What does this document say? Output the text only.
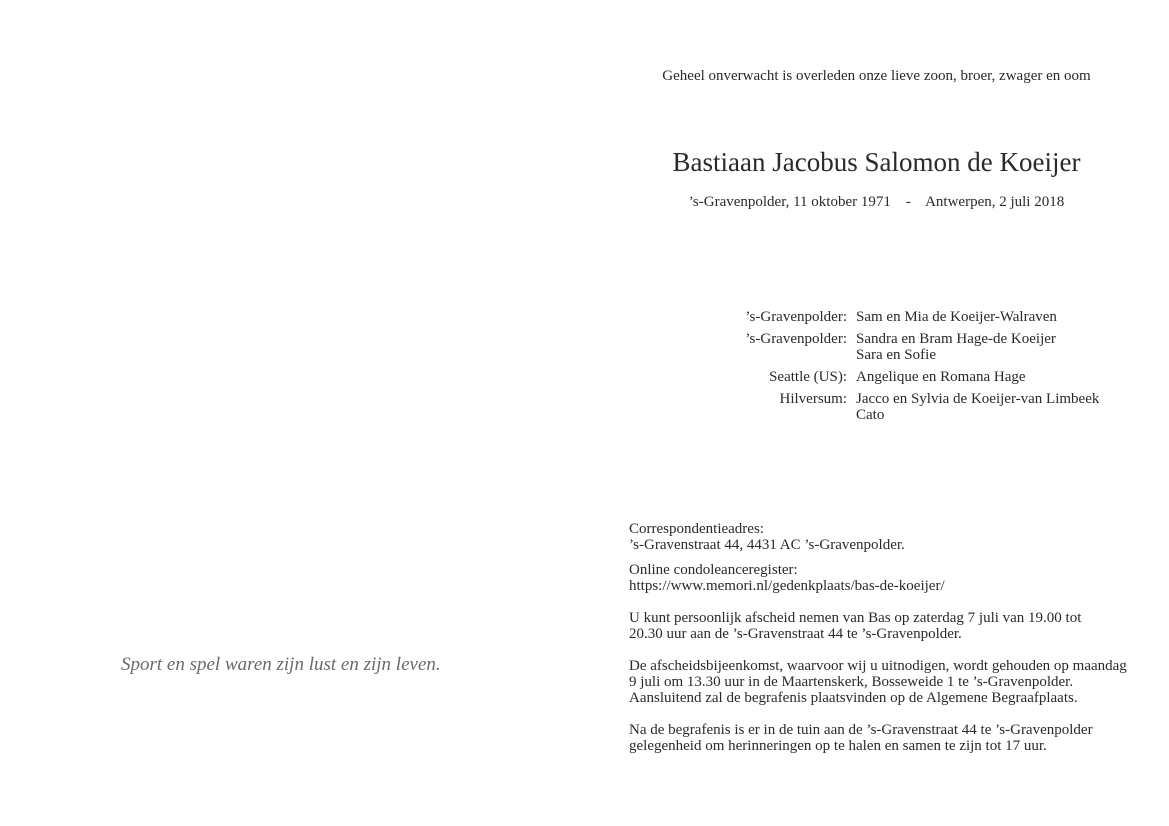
Sport en spel waren zijn lust en zijn leven.
Geheel onverwacht is overleden onze lieve zoon, broer, zwager en oom
Bastiaan Jacobus Salomon de Koeijer
’s-Gravenpolder, 11 oktober 1971 - Antwerpen, 2 juli 2018
’s-Gravenpolder: Sam en Mia de Koeijer-Walraven
’s-Gravenpolder: Sandra en Bram Hage-de Koeijer
Sara en Sofie
Seattle (US): Angelique en Romana Hage
Hilversum: Jacco en Sylvia de Koeijer-van Limbeek
Cato

Correspondentieadres:

’s-Gravenstraat 44, 4431 AC ’s-Gravenpolder.

Online condoleanceregister:

https://www.memori.nl/gedenkplaats/bas-de-koeijer/

U kunt persoonlijk afscheid nemen van Bas op zaterdag 7 juli van 19.00 tot

20.30 uur aan de ’s-Gravenstraat 44 te ’s-Gravenpolder.

De afscheidsbijeenkomst, waarvoor wij u uitnodigen, wordt gehouden op maandag

9 juli om 13.30 uur in de Maartenskerk, Bosseweide 1 te ’s-Gravenpolder.

Aansluitend zal de begrafenis plaatsvinden op de Algemene Begraafplaats.

Na de begrafenis is er in de tuin aan de ’s-Gravenstraat 44 te ’s-Gravenpolder

gelegenheid om herinneringen op te halen en samen te zijn tot 17 uur.
